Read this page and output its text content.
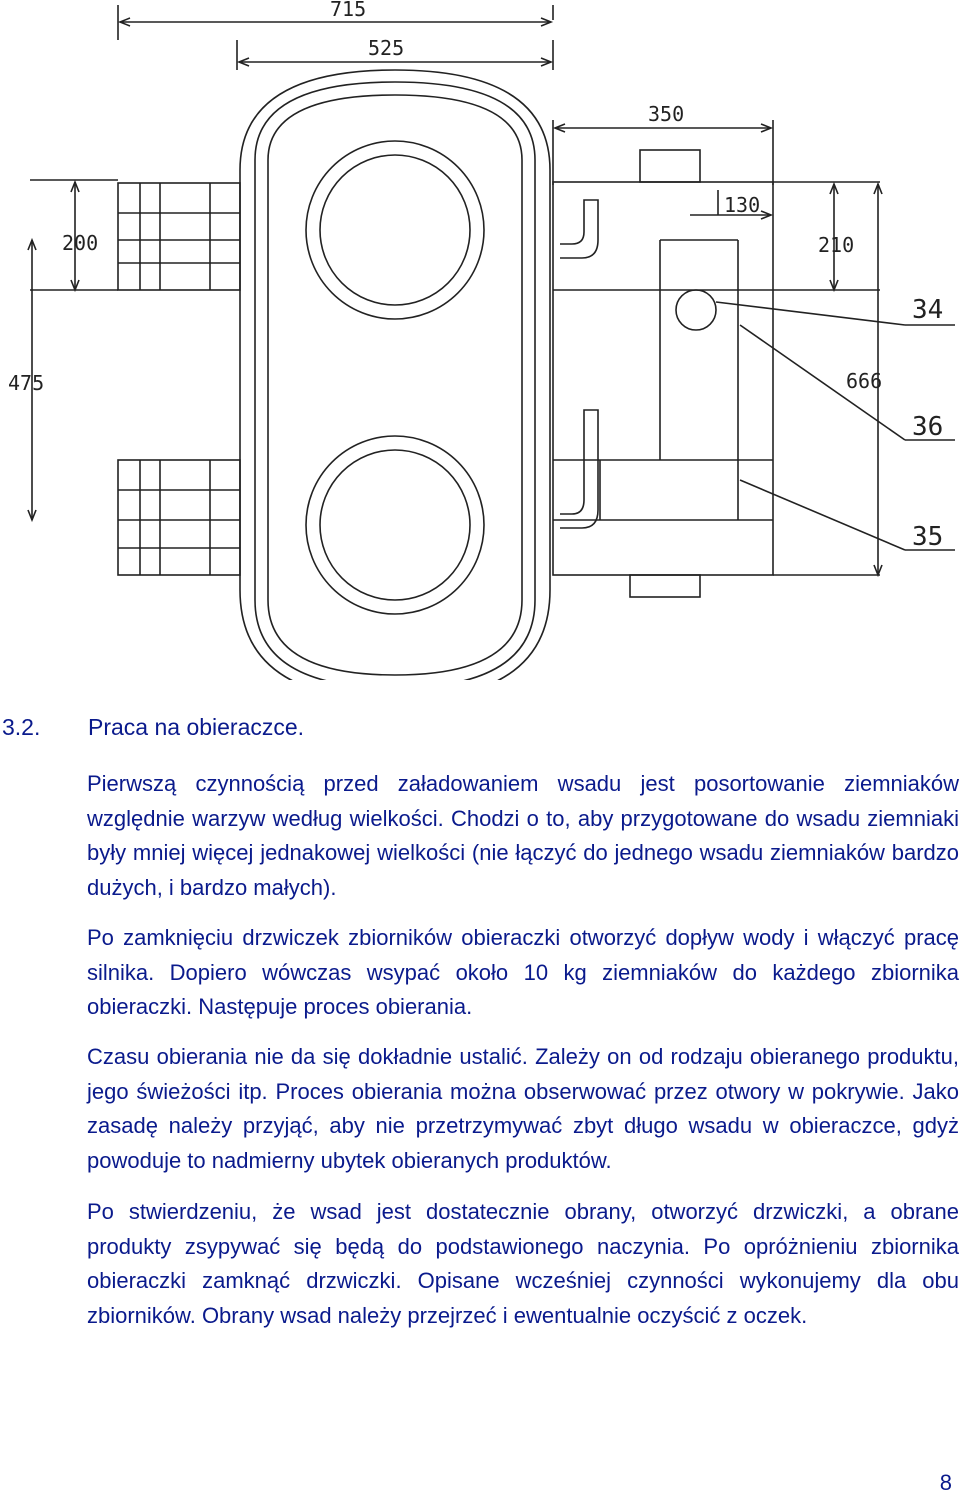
715
525
350
130
200
475
210
666
34
36
35
3.2. Praca na obieraczce.

Pierwszą czynnością przed załadowaniem wsadu jest posortowanie ziemniaków względnie warzyw według wielkości. Chodzi o to, aby przygotowane do wsadu ziemniaki były mniej więcej jednakowej wielkości (nie łączyć do jednego wsadu ziemniaków bardzo dużych, i bardzo małych).

Po zamknięciu drzwiczek zbiorników obieraczki otworzyć dopływ wody i włączyć pracę silnika. Dopiero wówczas wsypać około 10 kg ziemniaków do każdego zbiornika obieraczki. Następuje proces obierania.

Czasu obierania nie da się dokładnie ustalić. Zależy on od rodzaju obieranego produktu, jego świeżości itp. Proces obierania można obserwować przez otwory w pokrywie. Jako zasadę należy przyjąć, aby nie przetrzymywać zbyt długo wsadu w obieraczce, gdyż powoduje to nadmierny ubytek obieranych produktów.

Po stwierdzeniu, że wsad jest dostatecznie obrany, otworzyć drzwiczki, a obrane produkty zsypywać się będą do podstawionego naczynia. Po opróżnieniu zbiornika obieraczki zamknąć drzwiczki. Opisane wcześniej czynności wykonujemy dla obu zbiorników. Obrany wsad należy przejrzeć i ewentualnie oczyścić z oczek.

8
